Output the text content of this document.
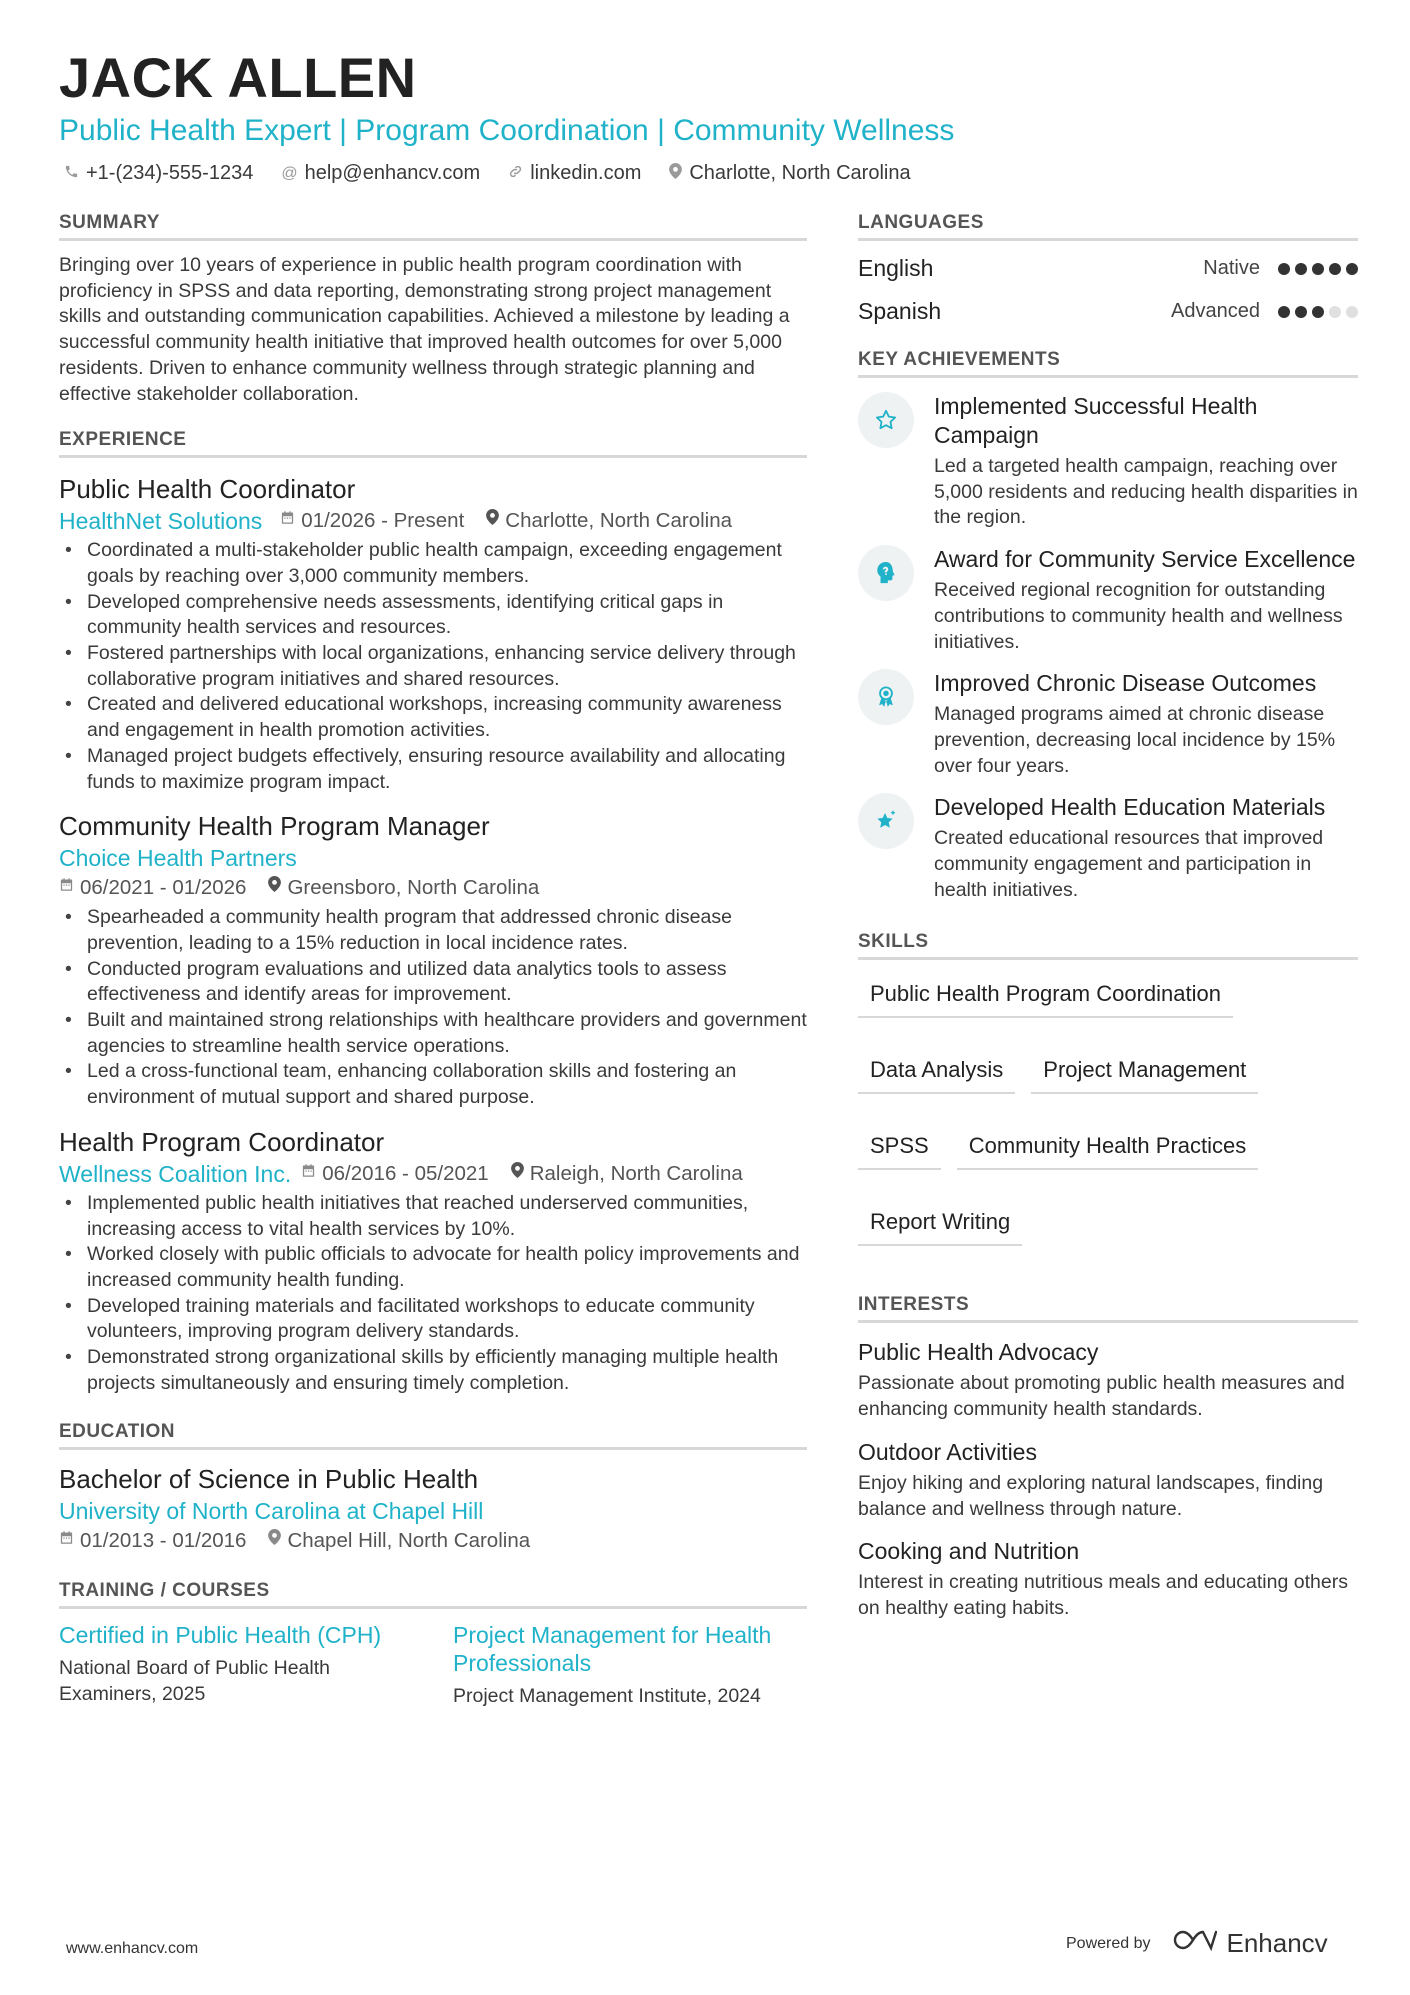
JACK ALLEN
Public Health Expert | Program Coordination | Community Wellness
+1-(234)-555-1234 @ help@enhancv.com	linkedin.com Charlotte, North Carolina
SUMMARY
Bringing over 10 years of experience in public health program coordination with proficiency in SPSS and data reporting, demonstrating strong project management skills and outstanding communication capabilities. Achieved a milestone by leading a successful community health initiative that improved health outcomes for over 5,000 residents. Driven to enhance community wellness through strategic planning and effective stakeholder collaboration.
EXPERIENCE
Public Health Coordinator
HealthNet Solutions 01/2026 - Present Charlotte, North Carolina
• Coordinated a multi-stakeholder public health campaign, exceeding engagement goals by reaching over 3,000 community members.
• Developed comprehensive needs assessments, identifying critical gaps in community health services and resources.
• Fostered partnerships with local organizations, enhancing service delivery through collaborative program initiatives and shared resources.
• Created and delivered educational workshops, increasing community awareness and engagement in health promotion activities.
• Managed project budgets effectively, ensuring resource availability and allocating funds to maximize program impact.
Community Health Program Manager
Choice Health Partners
06/2021 - 01/2026 Greensboro, North Carolina
• Spearheaded a community health program that addressed chronic disease prevention, leading to a 15% reduction in local incidence rates.
• Conducted program evaluations and utilized data analytics tools to assess effectiveness and identify areas for improvement.
• Built and maintained strong relationships with healthcare providers and government agencies to streamline health service operations.
• Led a cross-functional team, enhancing collaboration skills and fostering an environment of mutual support and shared purpose.
Health Program Coordinator
Wellness Coalition Inc. 06/2016 - 05/2021 Raleigh, North Carolina
• Implemented public health initiatives that reached underserved communities, increasing access to vital health services by 10%.
• Worked closely with public officials to advocate for health policy improvements and increased community health funding.
• Developed training materials and facilitated workshops to educate community volunteers, improving program delivery standards.
• Demonstrated strong organizational skills by efficiently managing multiple health projects simultaneously and ensuring timely completion.
EDUCATION
Bachelor of Science in Public Health
University of North Carolina at Chapel Hill
01/2013 - 01/2016 Chapel Hill, North Carolina
TRAINING / COURSES
Certified in Public Health (CPH)
National Board of Public Health Examiners, 2025
Project Management for Health Professionals
Project Management Institute, 2024
LANGUAGES
English	Native
Spanish	Advanced
KEY ACHIEVEMENTS
Implemented Successful Health Campaign
Led a targeted health campaign, reaching over 5,000 residents and reducing health disparities in the region.
Award for Community Service Excellence
Received regional recognition for outstanding contributions to community health and wellness initiatives.
Improved Chronic Disease Outcomes
Managed programs aimed at chronic disease prevention, decreasing local incidence by 15% over four years.
Developed Health Education Materials
Created educational resources that improved community engagement and participation in health initiatives.
SKILLS
Public Health Program Coordination
Data Analysis	Project Management
SPSS	Community Health Practices
Report Writing
INTERESTS
Public Health Advocacy
Passionate about promoting public health measures and enhancing community health standards.
Outdoor Activities
Enjoy hiking and exploring natural landscapes, finding balance and wellness through nature.
Cooking and Nutrition
Interest in creating nutritious meals and educating others on healthy eating habits.
www.enhancv.com	Powered by	Enhancv
